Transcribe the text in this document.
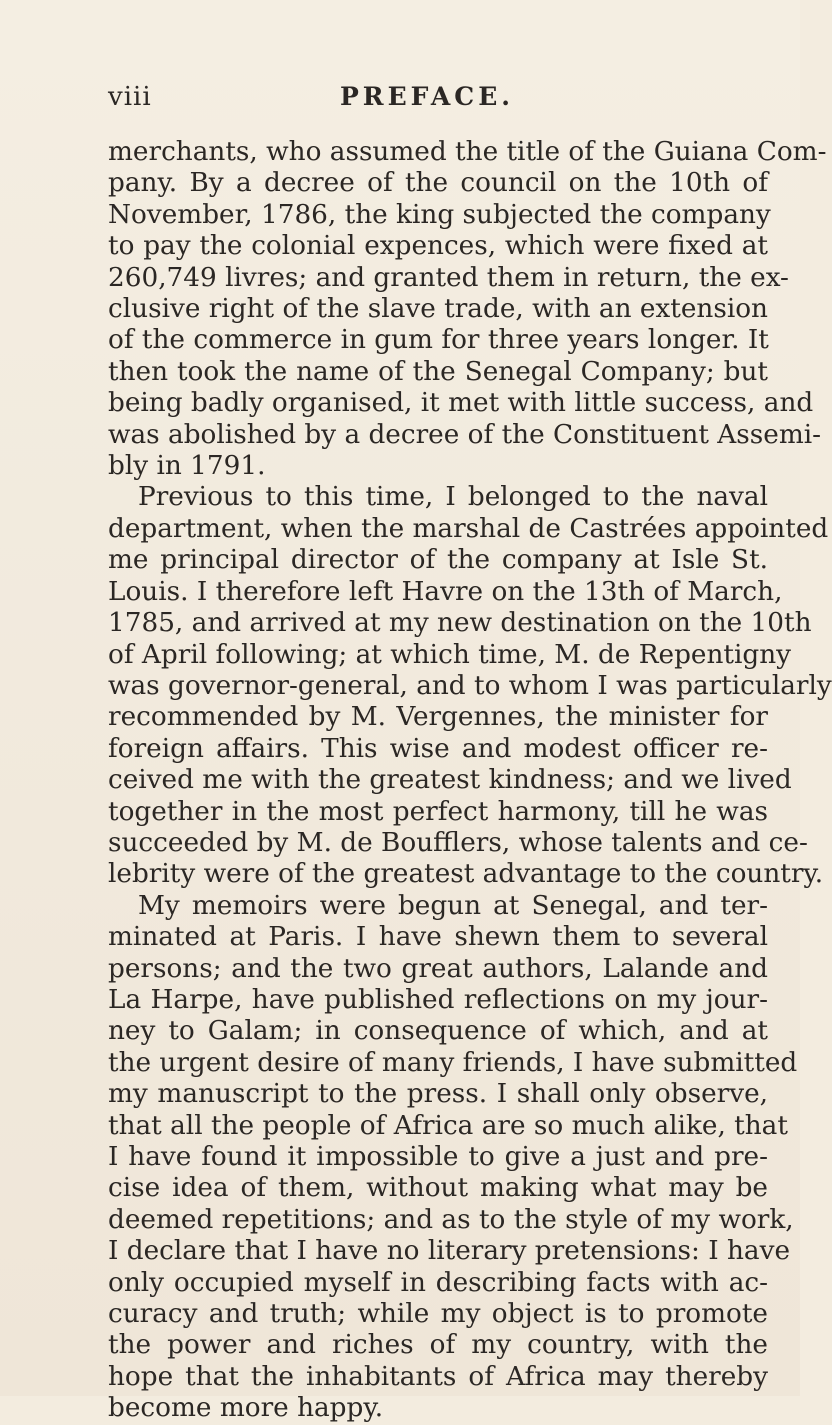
viii	PREFACE.
merchants, who assumed the title of the Guiana Com-
pany. By a decree of the council on the 10th of
November, 1786, the king subjected the company
to pay the colonial expences, which were fixed at
260,749 livres; and granted them in return, the ex-
clusive right of the slave trade, with an extension
of the commerce in gum for three years longer. It
then took the name of the Senegal Company; but
being badly organised, it met with little success, and
was abolished by a decree of the Constituent Assemi-
bly in 1791.
Previous to this time, I belonged to the naval
department, when the marshal de Castrées appointed
me principal director of the company at Isle St.
Louis. I therefore left Havre on the 13th of March,
1785, and arrived at my new destination on the 10th
of April following; at which time, M. de Repentigny
was governor-general, and to whom I was particularly
recommended by M. Vergennes, the minister for
foreign affairs. This wise and modest officer re-
ceived me with the greatest kindness; and we lived
together in the most perfect harmony, till he was
succeeded by M. de Boufflers, whose talents and ce-
lebrity were of the greatest advantage to the country.
My memoirs were begun at Senegal, and ter-
minated at Paris. I have shewn them to several
persons; and the two great authors, Lalande and
La Harpe, have published reflections on my jour-
ney to Galam; in consequence of which, and at
the urgent desire of many friends, I have submitted
my manuscript to the press. I shall only observe,
that all the people of Africa are so much alike, that
I have found it impossible to give a just and pre-
cise idea of them, without making what may be
deemed repetitions; and as to the style of my work,
I declare that I have no literary pretensions: I have
only occupied myself in describing facts with ac-
curacy and truth; while my object is to promote
the power and riches of my country, with the
hope that the inhabitants of Africa may thereby
become more happy.
